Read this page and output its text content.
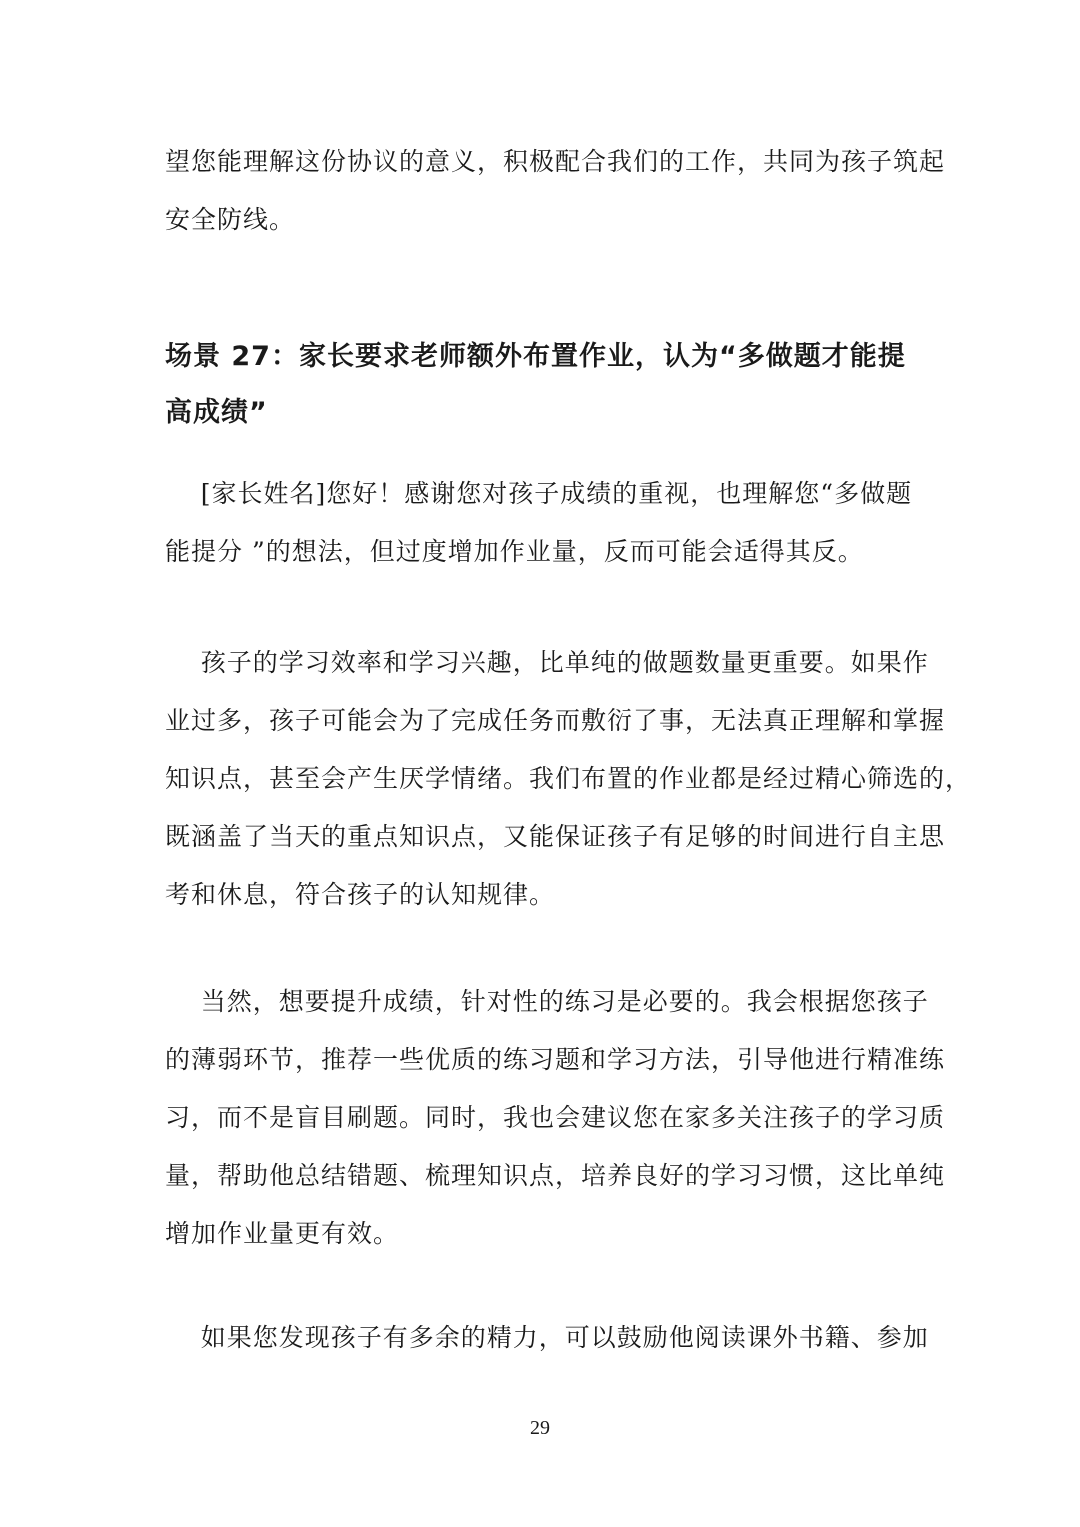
望您能理解这份协议的意义，积极配合我们的工作，共同为孩子筑起
安全防线。
场景 27：家长要求老师额外布置作业，认为“多做题才能提
高成绩”
[家长姓名]您好！感谢您对孩子成绩的重视，也理解您“多做题
能提分 ”的想法，但过度增加作业量，反而可能会适得其反。
孩子的学习效率和学习兴趣，比单纯的做题数量更重要。如果作
业过多，孩子可能会为了完成任务而敷衍了事，无法真正理解和掌握
知识点，甚至会产生厌学情绪。我们布置的作业都是经过精心筛选的，
既涵盖了当天的重点知识点，又能保证孩子有足够的时间进行自主思
考和休息，符合孩子的认知规律。
当然，想要提升成绩，针对性的练习是必要的。我会根据您孩子
的薄弱环节，推荐一些优质的练习题和学习方法，引导他进行精准练
习，而不是盲目刷题。同时，我也会建议您在家多关注孩子的学习质
量，帮助他总结错题、梳理知识点，培养良好的学习习惯，这比单纯
增加作业量更有效。
如果您发现孩子有多余的精力，可以鼓励他阅读课外书籍、参加
29
